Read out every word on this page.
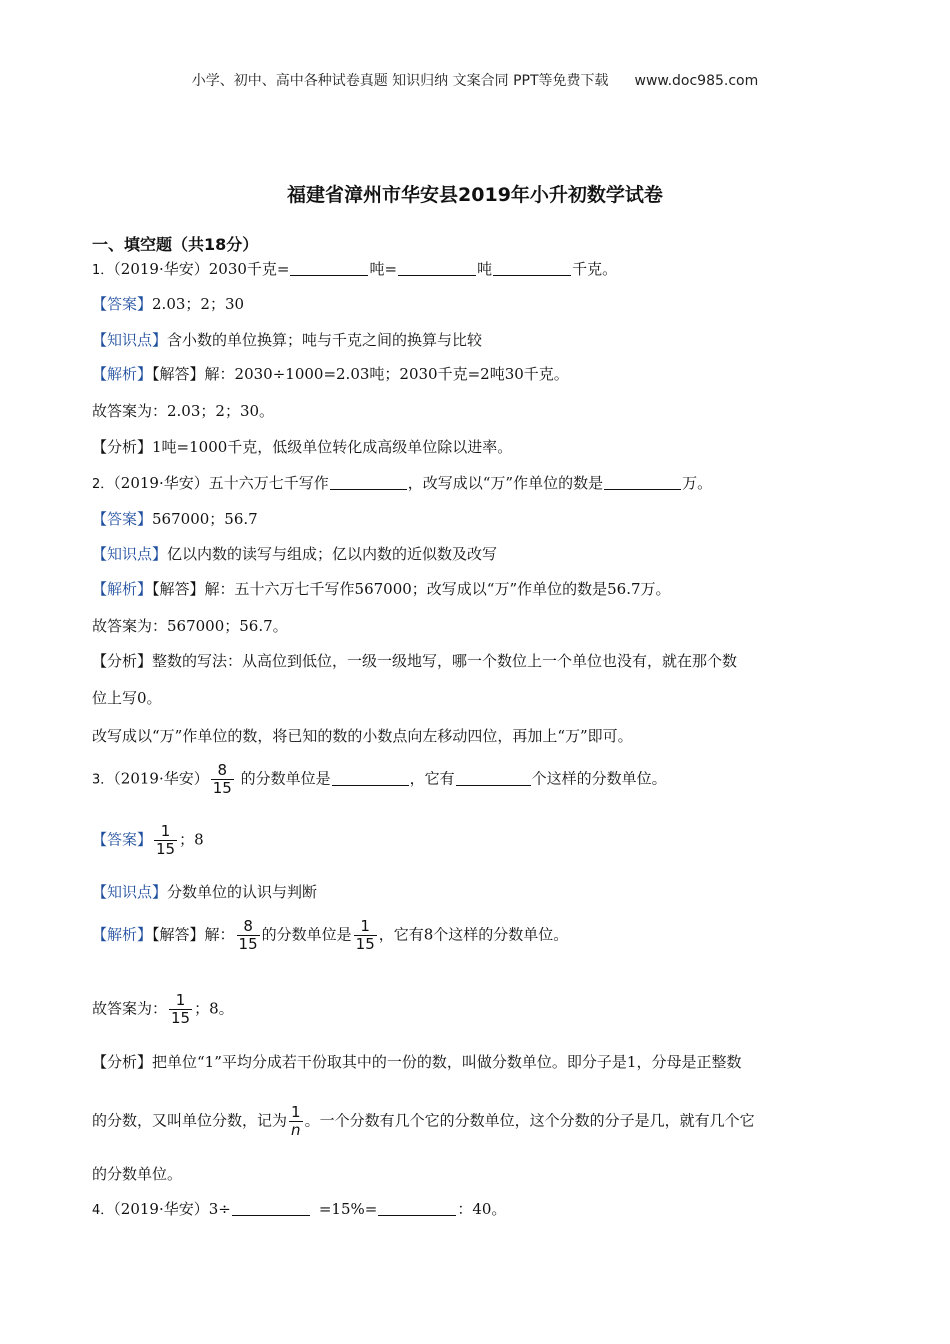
小学、初中、高中各种试卷真题 知识归纳 文案合同 PPT等免费下载 www.doc985.com
福建省漳州市华安县2019年小升初数学试卷
一、填空题（共18分）
1．（2019·华安）2030千克=	吨=	吨	千克。
【答案】2.03；2；30
【知识点】含小数的单位换算；吨与千克之间的换算与比较
【解析】【解答】解：2030÷1000=2.03吨；2030千克=2吨30千克。
故答案为：2.03；2；30。
【分析】1吨=1000千克，低级单位转化成高级单位除以进率。
2．（2019·华安）五十六万七千写作	，改写成以“万”作单位的数是	万。
【答案】567000；56.7
【知识点】亿以内数的读写与组成；亿以内数的近似数及改写
【解析】【解答】解：五十六万七千写作567000；改写成以“万”作单位的数是56.7万。
故答案为：567000；56.7。
【分析】整数的写法：从高位到低位，一级一级地写，哪一个数位上一个单位也没有，就在那个数
位上写0。
改写成以“万”作单位的数，将已知的数的小数点向左移动四位，再加上“万”即可。
3．（2019·华安） $\frac{8}{15}$ 的分数单位是	，它有	个这样的分数单位。
【答案】 $\frac{1}{15}$ ；8
【知识点】分数单位的认识与判断
【解析】【解答】解： $\frac{8}{15}$ 的分数单位是 $\frac{1}{15}$ ，它有8个这样的分数单位。
故答案为： $\frac{1}{15}$ ；8。
【分析】把单位“1”平均分成若干份取其中的一份的数，叫做分数单位。即分子是1，分母是正整数
的分数，又叫单位分数，记为 $\frac{1}{n}$ 。一个分数有几个它的分数单位，这个分数的分子是几，就有几个它
的分数单位。
4．（2019·华安）3÷	=15%=	：40。
